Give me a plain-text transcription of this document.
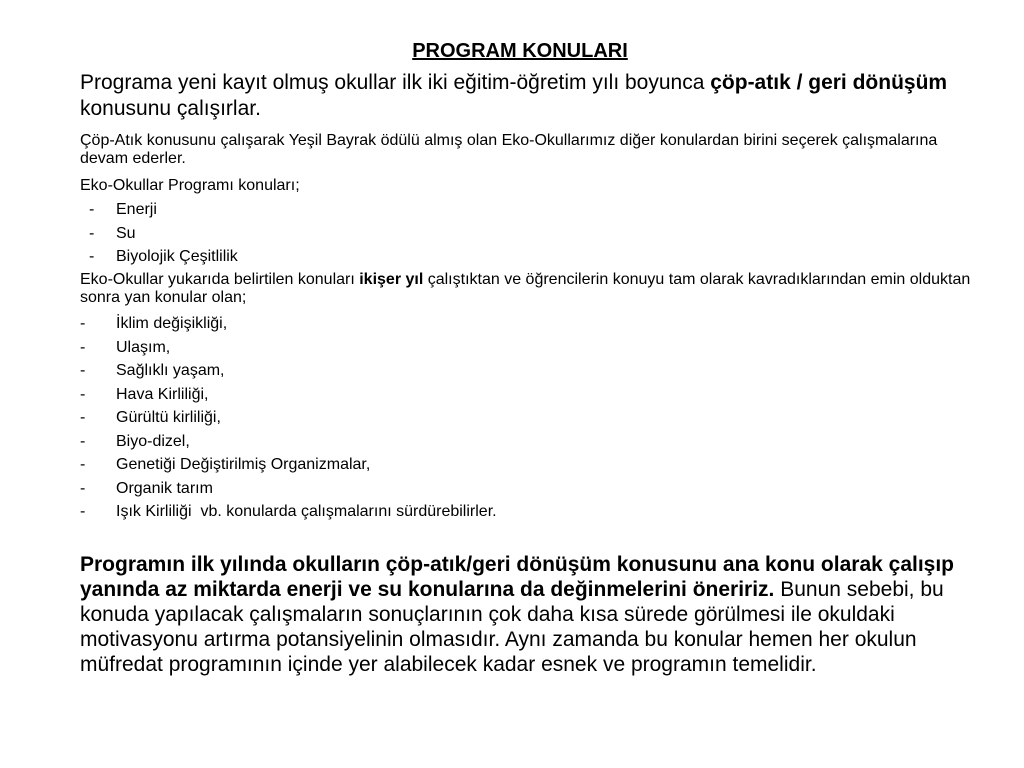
PROGRAM KONULARI

Programa yeni kayıt olmuş okullar ilk iki eğitim-öğretim yılı boyunca çöp-atık / geri dönüşüm konusunu çalışırlar.

Çöp-Atık konusunu çalışarak Yeşil Bayrak ödülü almış olan Eko-Okullarımız diğer konulardan birini seçerek çalışmalarına devam ederler.

Eko-Okullar Programı konuları;

- Enerji
- Su
- Biyolojik Çeşitlilik

Eko-Okullar yukarıda belirtilen konuları ikişer yıl çalıştıktan ve öğrencilerin konuyu tam olarak kavradıklarından emin olduktan sonra yan konular olan;

- İklim değişikliği,
- Ulaşım,
- Sağlıklı yaşam,
- Hava Kirliliği,
- Gürültü kirliliği,
- Biyo-dizel,
- Genetiği Değiştirilmiş Organizmalar,
- Organik tarım
- Işık Kirliliği  vb. konularda çalışmalarını sürdürebilirler.

Programın ilk yılında okulların çöp-atık/geri dönüşüm konusunu ana konu olarak çalışıp yanında az miktarda enerji ve su konularına da değinmelerini öneririz. Bunun sebebi, bu konuda yapılacak çalışmaların sonuçlarının çok daha kısa sürede görülmesi ile okuldaki motivasyonu artırma potansiyelinin olmasıdır. Aynı zamanda bu konular hemen her okulun müfredat programının içinde yer alabilecek kadar esnek ve programın temelidir.
